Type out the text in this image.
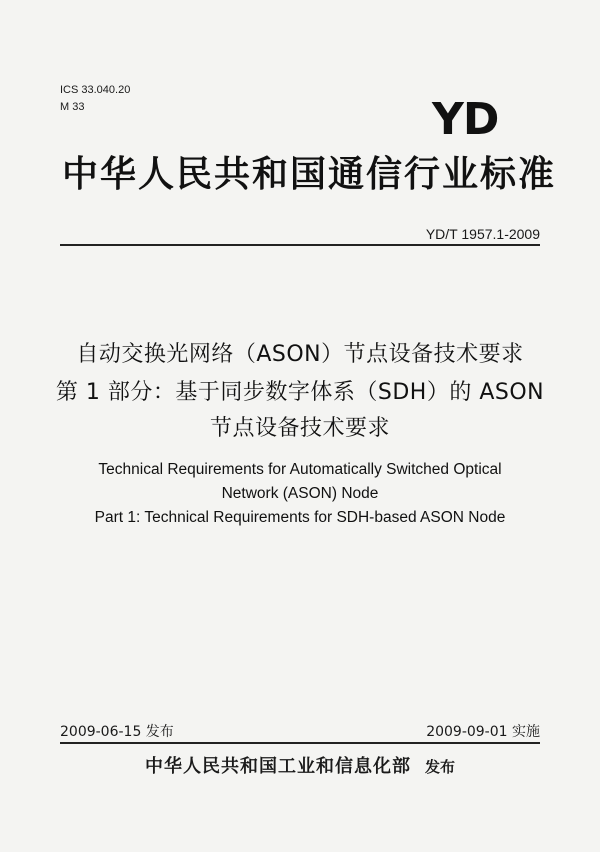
ICS 33.040.20
M 33	YD
中华人民共和国通信行业标准
YD/T 1957.1-2009
自动交换光网络（ASON）节点设备技术要求
第 1 部分：基于同步数字体系（SDH）的 ASON
节点设备技术要求
Technical Requirements for Automatically Switched Optical
Network (ASON) Node
Part 1: Technical Requirements for SDH-based ASON Node
2009-06-15 发布	2009-09-01 实施
中华人民共和国工业和信息化部 发布
